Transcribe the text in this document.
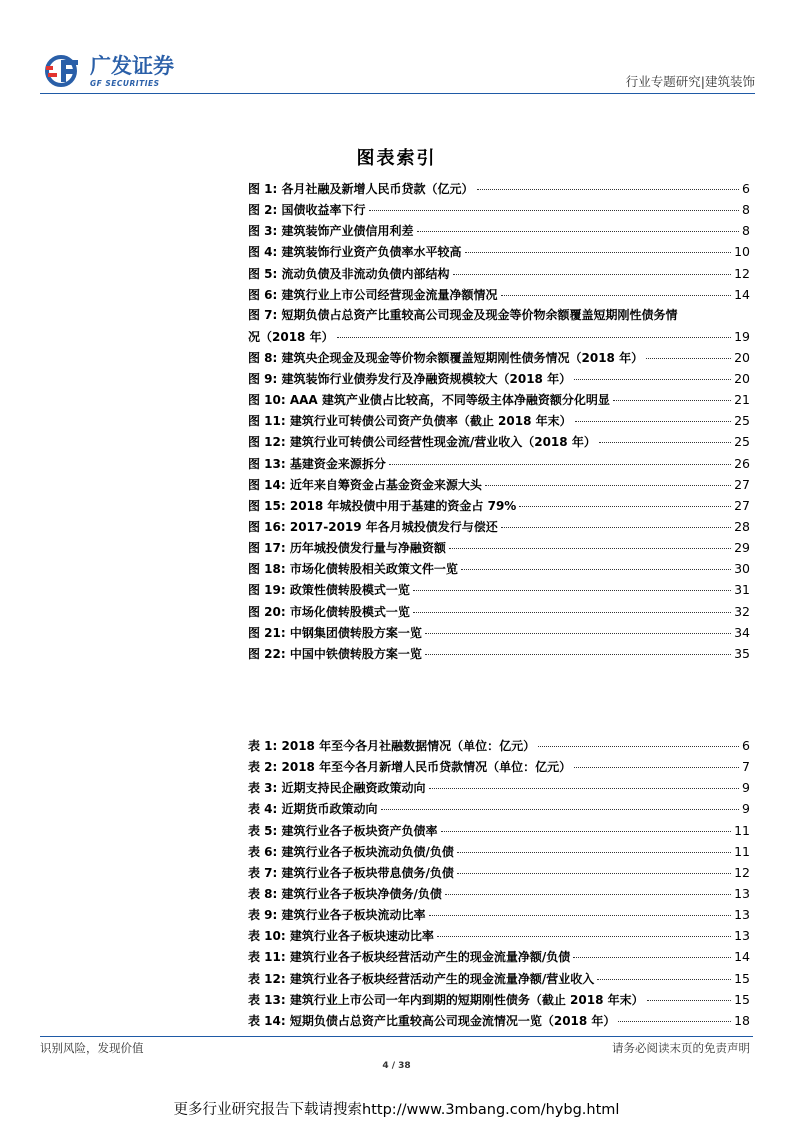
广发证券
GF SECURITIES	行业专题研究|建筑装饰
图表索引
图 1: 各月社融及新增人民币贷款（亿元）	6
图 2: 国债收益率下行	8
图 3: 建筑装饰产业债信用利差	8
图 4: 建筑装饰行业资产负债率水平较高	10
图 5: 流动负债及非流动负债内部结构	12
图 6: 建筑行业上市公司经营现金流量净额情况	14
图 7: 短期负债占总资产比重较高公司现金及现金等价物余额覆盖短期刚性债务情
况（2018 年）	19
图 8: 建筑央企现金及现金等价物余额覆盖短期刚性债务情况（2018 年）	20
图 9: 建筑装饰行业债券发行及净融资规模较大（2018 年）	20
图 10: AAA 建筑产业债占比较高，不同等级主体净融资额分化明显	21
图 11: 建筑行业可转债公司资产负债率（截止 2018 年末）	25
图 12: 建筑行业可转债公司经营性现金流/营业收入（2018 年）	25
图 13: 基建资金来源拆分	26
图 14: 近年来自筹资金占基金资金来源大头	27
图 15: 2018 年城投债中用于基建的资金占 79%	27
图 16: 2017-2019 年各月城投债发行与偿还	28
图 17: 历年城投债发行量与净融资额	29
图 18: 市场化债转股相关政策文件一览	30
图 19: 政策性债转股模式一览	31
图 20: 市场化债转股模式一览	32
图 21: 中钢集团债转股方案一览	34
图 22: 中国中铁债转股方案一览	35
表 1: 2018 年至今各月社融数据情况（单位：亿元）	6
表 2: 2018 年至今各月新增人民币贷款情况（单位：亿元）	7
表 3: 近期支持民企融资政策动向	9
表 4: 近期货币政策动向	9
表 5: 建筑行业各子板块资产负债率	11
表 6: 建筑行业各子板块流动负债/负债	11
表 7: 建筑行业各子板块带息债务/负债	12
表 8: 建筑行业各子板块净债务/负债	13
表 9: 建筑行业各子板块流动比率	13
表 10: 建筑行业各子板块速动比率	13
表 11: 建筑行业各子板块经营活动产生的现金流量净额/负债	14
表 12: 建筑行业各子板块经营活动产生的现金流量净额/营业收入	15
表 13: 建筑行业上市公司一年内到期的短期刚性债务（截止 2018 年末）	15
表 14: 短期负债占总资产比重较高公司现金流情况一览（2018 年）	18
识别风险，发现价值	请务必阅读末页的免责声明
4 / 38
更多行业研究报告下载请搜索http://www.3mbang.com/hybg.html
